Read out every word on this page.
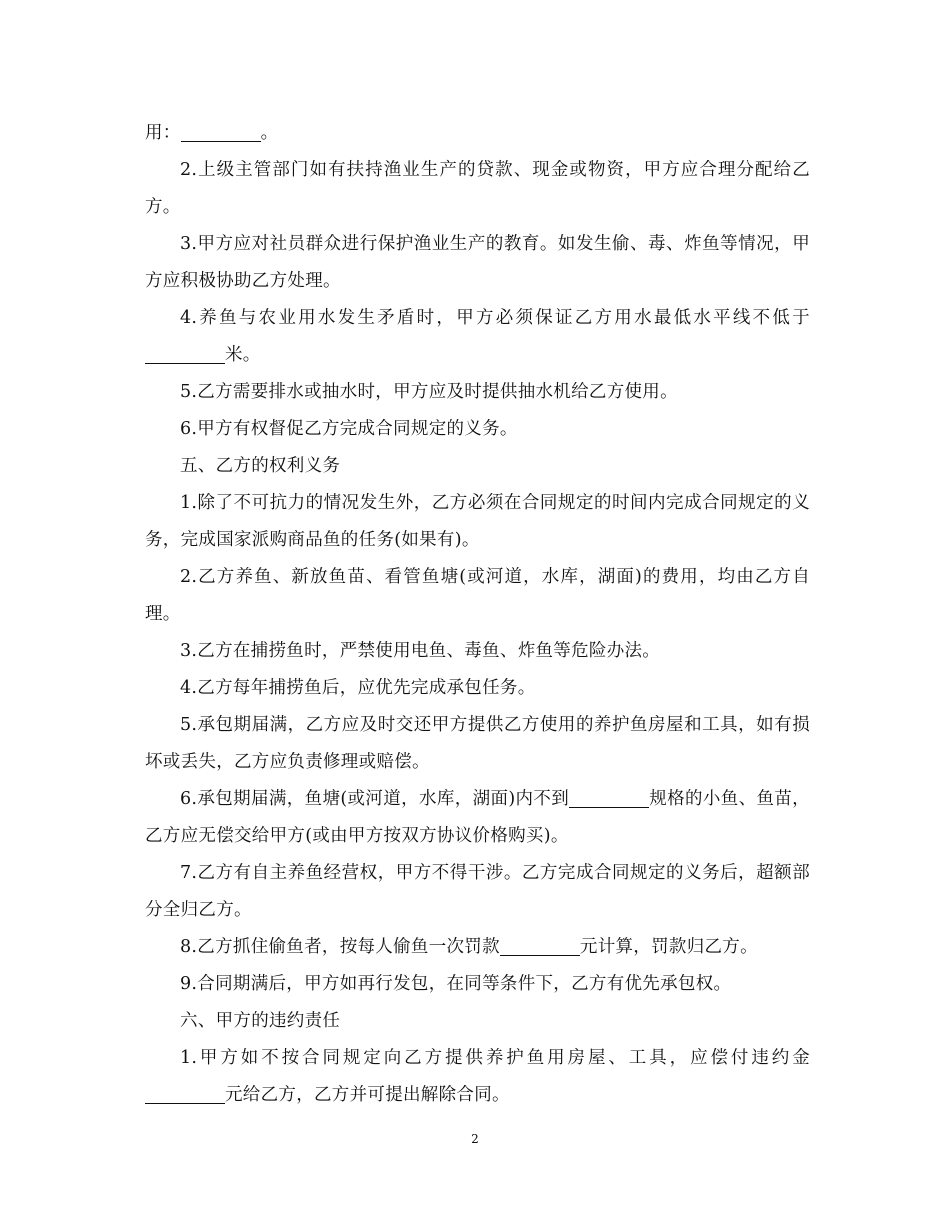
用：	。

2.上级主管部门如有扶持渔业生产的贷款、现金或物资，甲方应合理分配给乙方。

3.甲方应对社员群众进行保护渔业生产的教育。如发生偷、毒、炸鱼等情况，甲方应积极协助乙方处理。

4.养鱼与农业用水发生矛盾时，甲方必须保证乙方用水最低水平线不低于米。

5.乙方需要排水或抽水时，甲方应及时提供抽水机给乙方使用。

6.甲方有权督促乙方完成合同规定的义务。

五、乙方的权利义务

1.除了不可抗力的情况发生外，乙方必须在合同规定的时间内完成合同规定的义务，完成国家派购商品鱼的任务(如果有)。

2.乙方养鱼、新放鱼苗、看管鱼塘(或河道，水库，湖面)的费用，均由乙方自理。

3.乙方在捕捞鱼时，严禁使用电鱼、毒鱼、炸鱼等危险办法。

4.乙方每年捕捞鱼后，应优先完成承包任务。

5.承包期届满，乙方应及时交还甲方提供乙方使用的养护鱼房屋和工具，如有损坏或丢失，乙方应负责修理或赔偿。

6.承包期届满，鱼塘(或河道，水库，湖面)内不到	规格的小鱼、鱼苗，乙方应无偿交给甲方(或由甲方按双方协议价格购买)。

7.乙方有自主养鱼经营权，甲方不得干涉。乙方完成合同规定的义务后，超额部分全归乙方。

8.乙方抓住偷鱼者，按每人偷鱼一次罚款	元计算，罚款归乙方。

9.合同期满后，甲方如再行发包，在同等条件下，乙方有优先承包权。

六、甲方的违约责任

1.甲方如不按合同规定向乙方提供养护鱼用房屋、工具，应偿付违约金元给乙方，乙方并可提出解除合同。

2
